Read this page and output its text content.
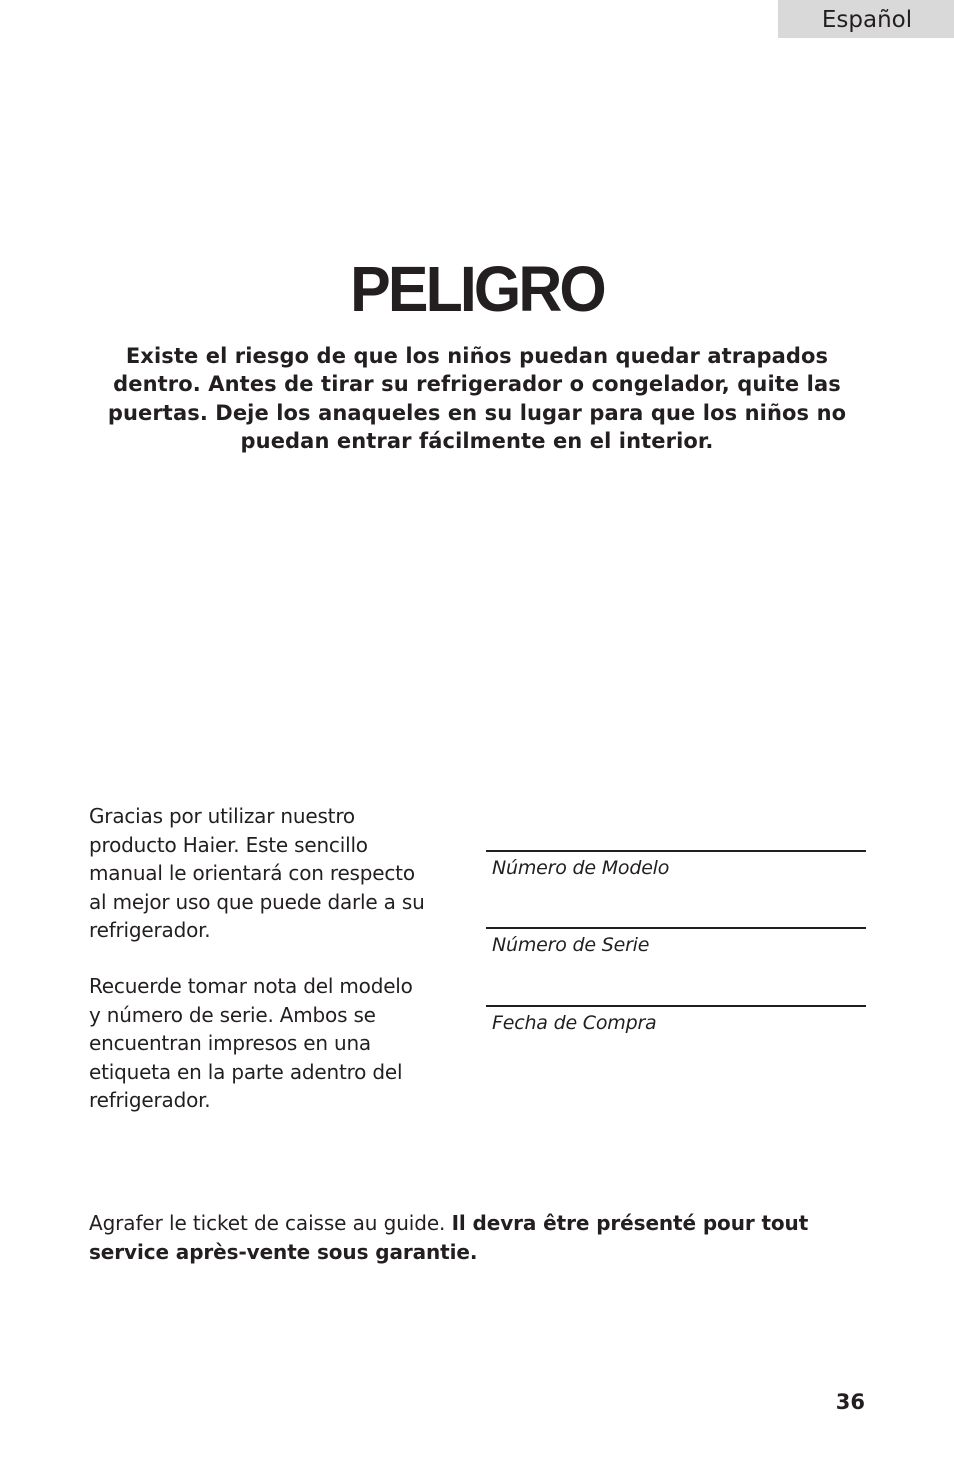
Español
PELIGRO

Existe el riesgo de que los niños puedan quedar atrapados
dentro. Antes de tirar su refrigerador o congelador, quite las
puertas. Deje los anaqueles en su lugar para que los niños no
puedan entrar fácilmente en el interior.

Gracias por utilizar nuestro
producto Haier. Este sencillo
manual le orientará con respecto
al mejor uso que puede darle a su
refrigerador.

Recuerde tomar nota del modelo
y número de serie. Ambos se
encuentran impresos en una
etiqueta en la parte adentro del
refrigerador.

Número de Modelo
Número de Serie
Fecha de Compra

Agrafer le ticket de caisse au guide. Il devra être présenté pour tout
service après-vente sous garantie.

36
